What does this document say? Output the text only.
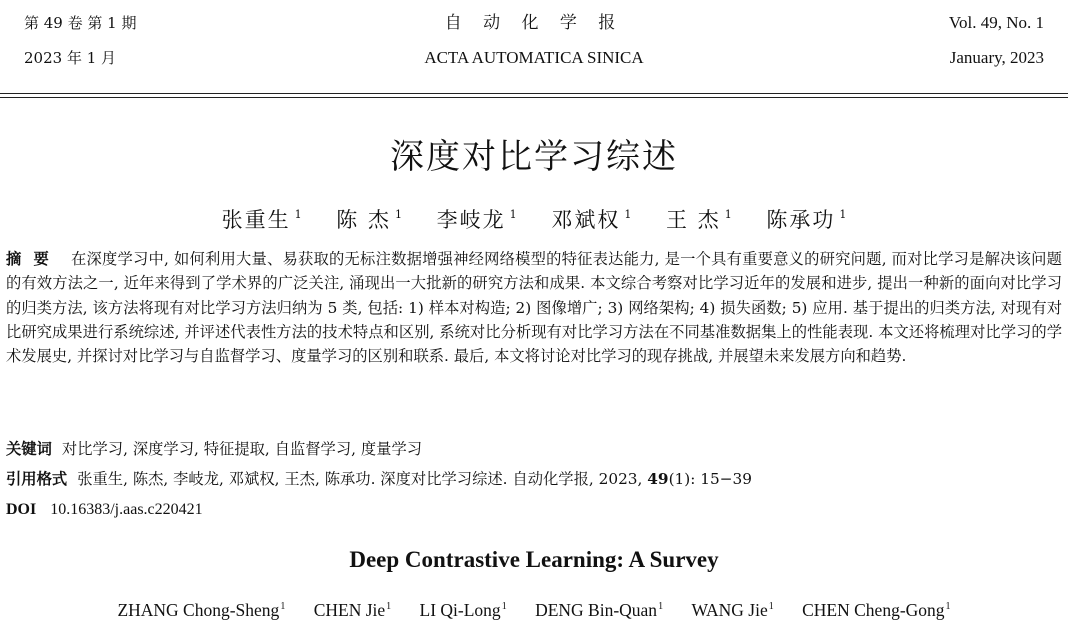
第 49 卷 第 1 期
2023 年 1 月
自 动 化 学 报
ACTA AUTOMATICA SINICA
Vol. 49, No. 1
January, 2023
深度对比学习综述
张重生 $^1$ 陈 杰 $^1$ 李岐龙 $^1$ 邓斌权 $^1$ 王 杰 $^1$ 陈承功 $^1$
摘要 在深度学习中, 如何利用大量、易获取的无标注数据增强神经网络模型的特征表达能力, 是一个具有重要意义的研究问题, 而对比学习是解决该问题的有效方法之一, 近年来得到了学术界的广泛关注, 涌现出一大批新的研究方法和成果. 本文综合考察对比学习近年的发展和进步, 提出一种新的面向对比学习的归类方法, 该方法将现有对比学习方法归纳为 5 类, 包括: 1) 样本对构造; 2) 图像增广; 3) 网络架构; 4) 损失函数; 5) 应用. 基于提出的归类方法, 对现有对比研究成果进行系统综述, 并评述代表性方法的技术特点和区别, 系统对比分析现有对比学习方法在不同基准数据集上的性能表现. 本文还将梳理对比学习的学术发展史, 并探讨对比学习与自监督学习、度量学习的区别和联系. 最后, 本文将讨论对比学习的现存挑战, 并展望未来发展方向和趋势.
关键词 对比学习, 深度学习, 特征提取, 自监督学习, 度量学习
引用格式 张重生, 陈杰, 李岐龙, 邓斌权, 王杰, 陈承功. 深度对比学习综述. 自动化学报, 2023, 49(1): 15−39
DOI 10.16383/j.aas.c220421
Deep Contrastive Learning: A Survey
ZHANG Chong-Sheng$^1$ CHEN Jie$^1$ LI Qi-Long$^1$ DENG Bin-Quan$^1$ WANG Jie$^1$ CHEN Cheng-Gong$^1$
